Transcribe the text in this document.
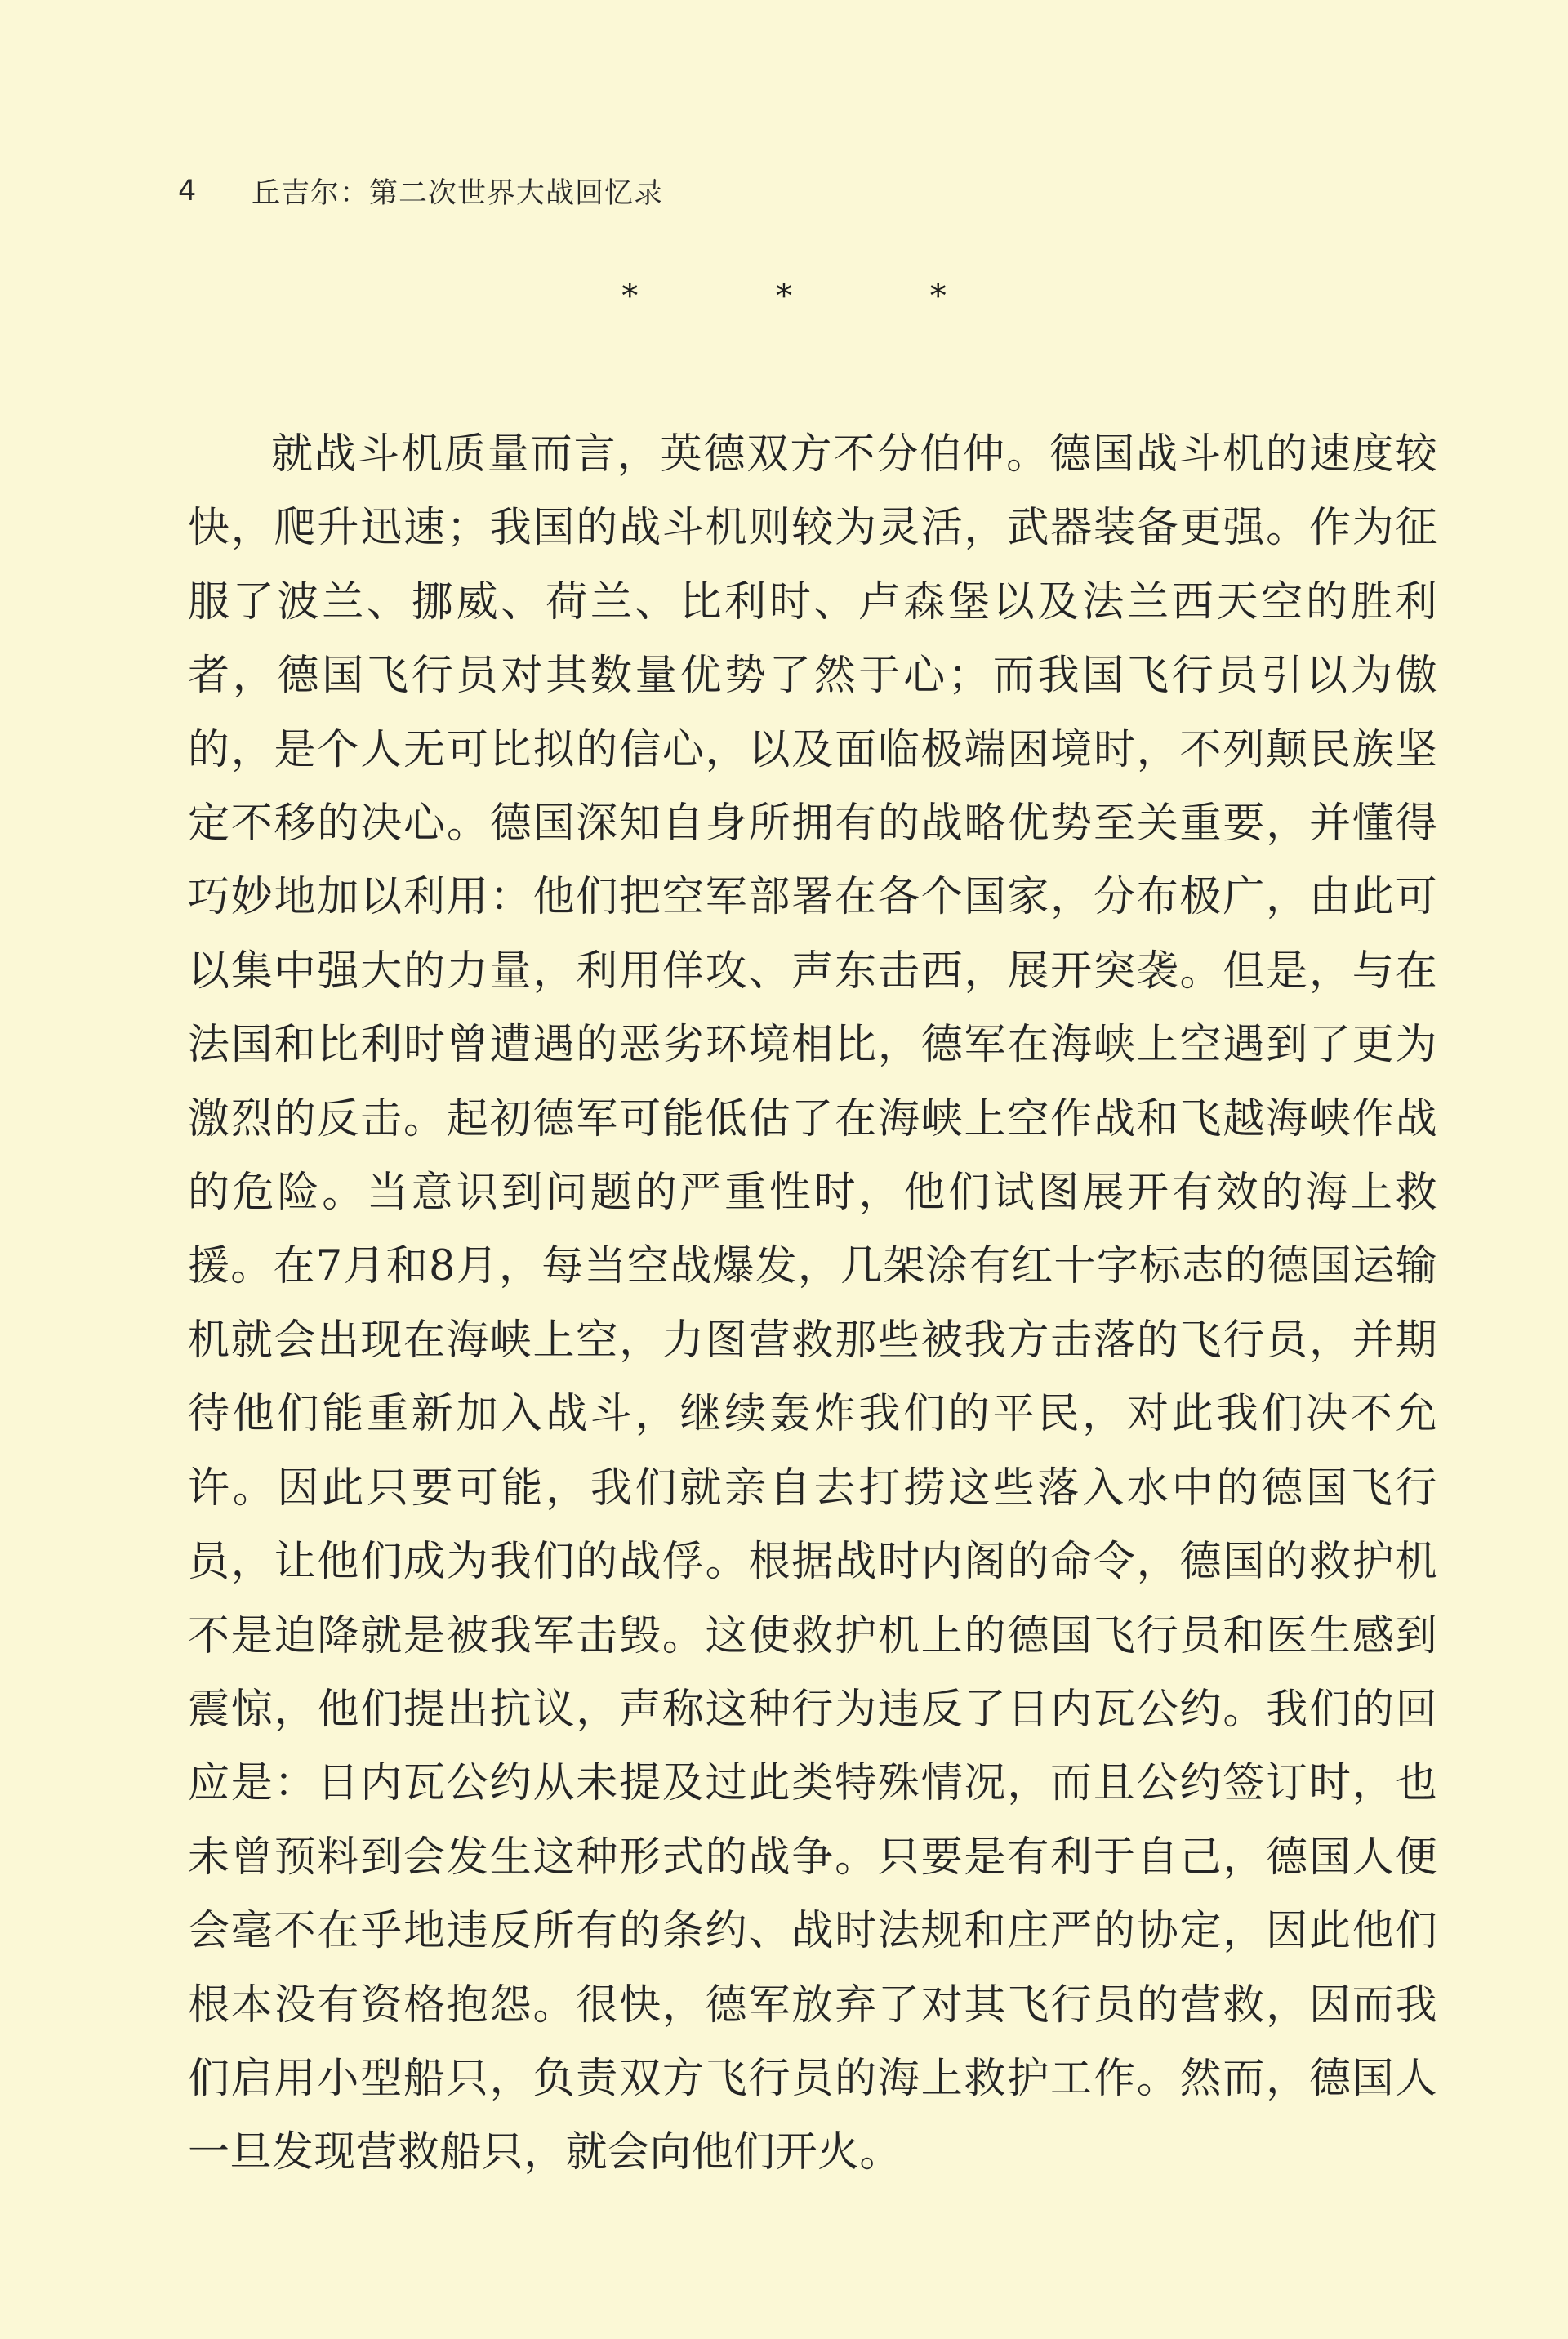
4	丘吉尔：第二次世界大战回忆录
* * *

就战斗机质量而言，英德双方不分伯仲。德国战斗机的速度较快，爬升迅速；我国的战斗机则较为灵活，武器装备更强。作为征服了波兰、挪威、荷兰、比利时、卢森堡以及法兰西天空的胜利者，德国飞行员对其数量优势了然于心；而我国飞行员引以为傲的，是个人无可比拟的信心，以及面临极端困境时，不列颠民族坚定不移的决心。德国深知自身所拥有的战略优势至关重要，并懂得巧妙地加以利用：他们把空军部署在各个国家，分布极广，由此可以集中强大的力量，利用佯攻、声东击西，展开突袭。但是，与在法国和比利时曾遭遇的恶劣环境相比，德军在海峡上空遇到了更为激烈的反击。起初德军可能低估了在海峡上空作战和飞越海峡作战的危险。当意识到问题的严重性时，他们试图展开有效的海上救援。在7月和8月，每当空战爆发，几架涂有红十字标志的德国运输机就会出现在海峡上空，力图营救那些被我方击落的飞行员，并期待他们能重新加入战斗，继续轰炸我们的平民，对此我们决不允许。因此只要可能，我们就亲自去打捞这些落入水中的德国飞行员，让他们成为我们的战俘。根据战时内阁的命令，德国的救护机不是迫降就是被我军击毁。这使救护机上的德国飞行员和医生感到震惊，他们提出抗议，声称这种行为违反了日内瓦公约。我们的回应是：日内瓦公约从未提及过此类特殊情况，而且公约签订时，也未曾预料到会发生这种形式的战争。只要是有利于自己，德国人便会毫不在乎地违反所有的条约、战时法规和庄严的协定，因此他们根本没有资格抱怨。很快，德军放弃了对其飞行员的营救，因而我们启用小型船只，负责双方飞行员的海上救护工作。然而，德国人一旦发现营救船只，就会向他们开火。
